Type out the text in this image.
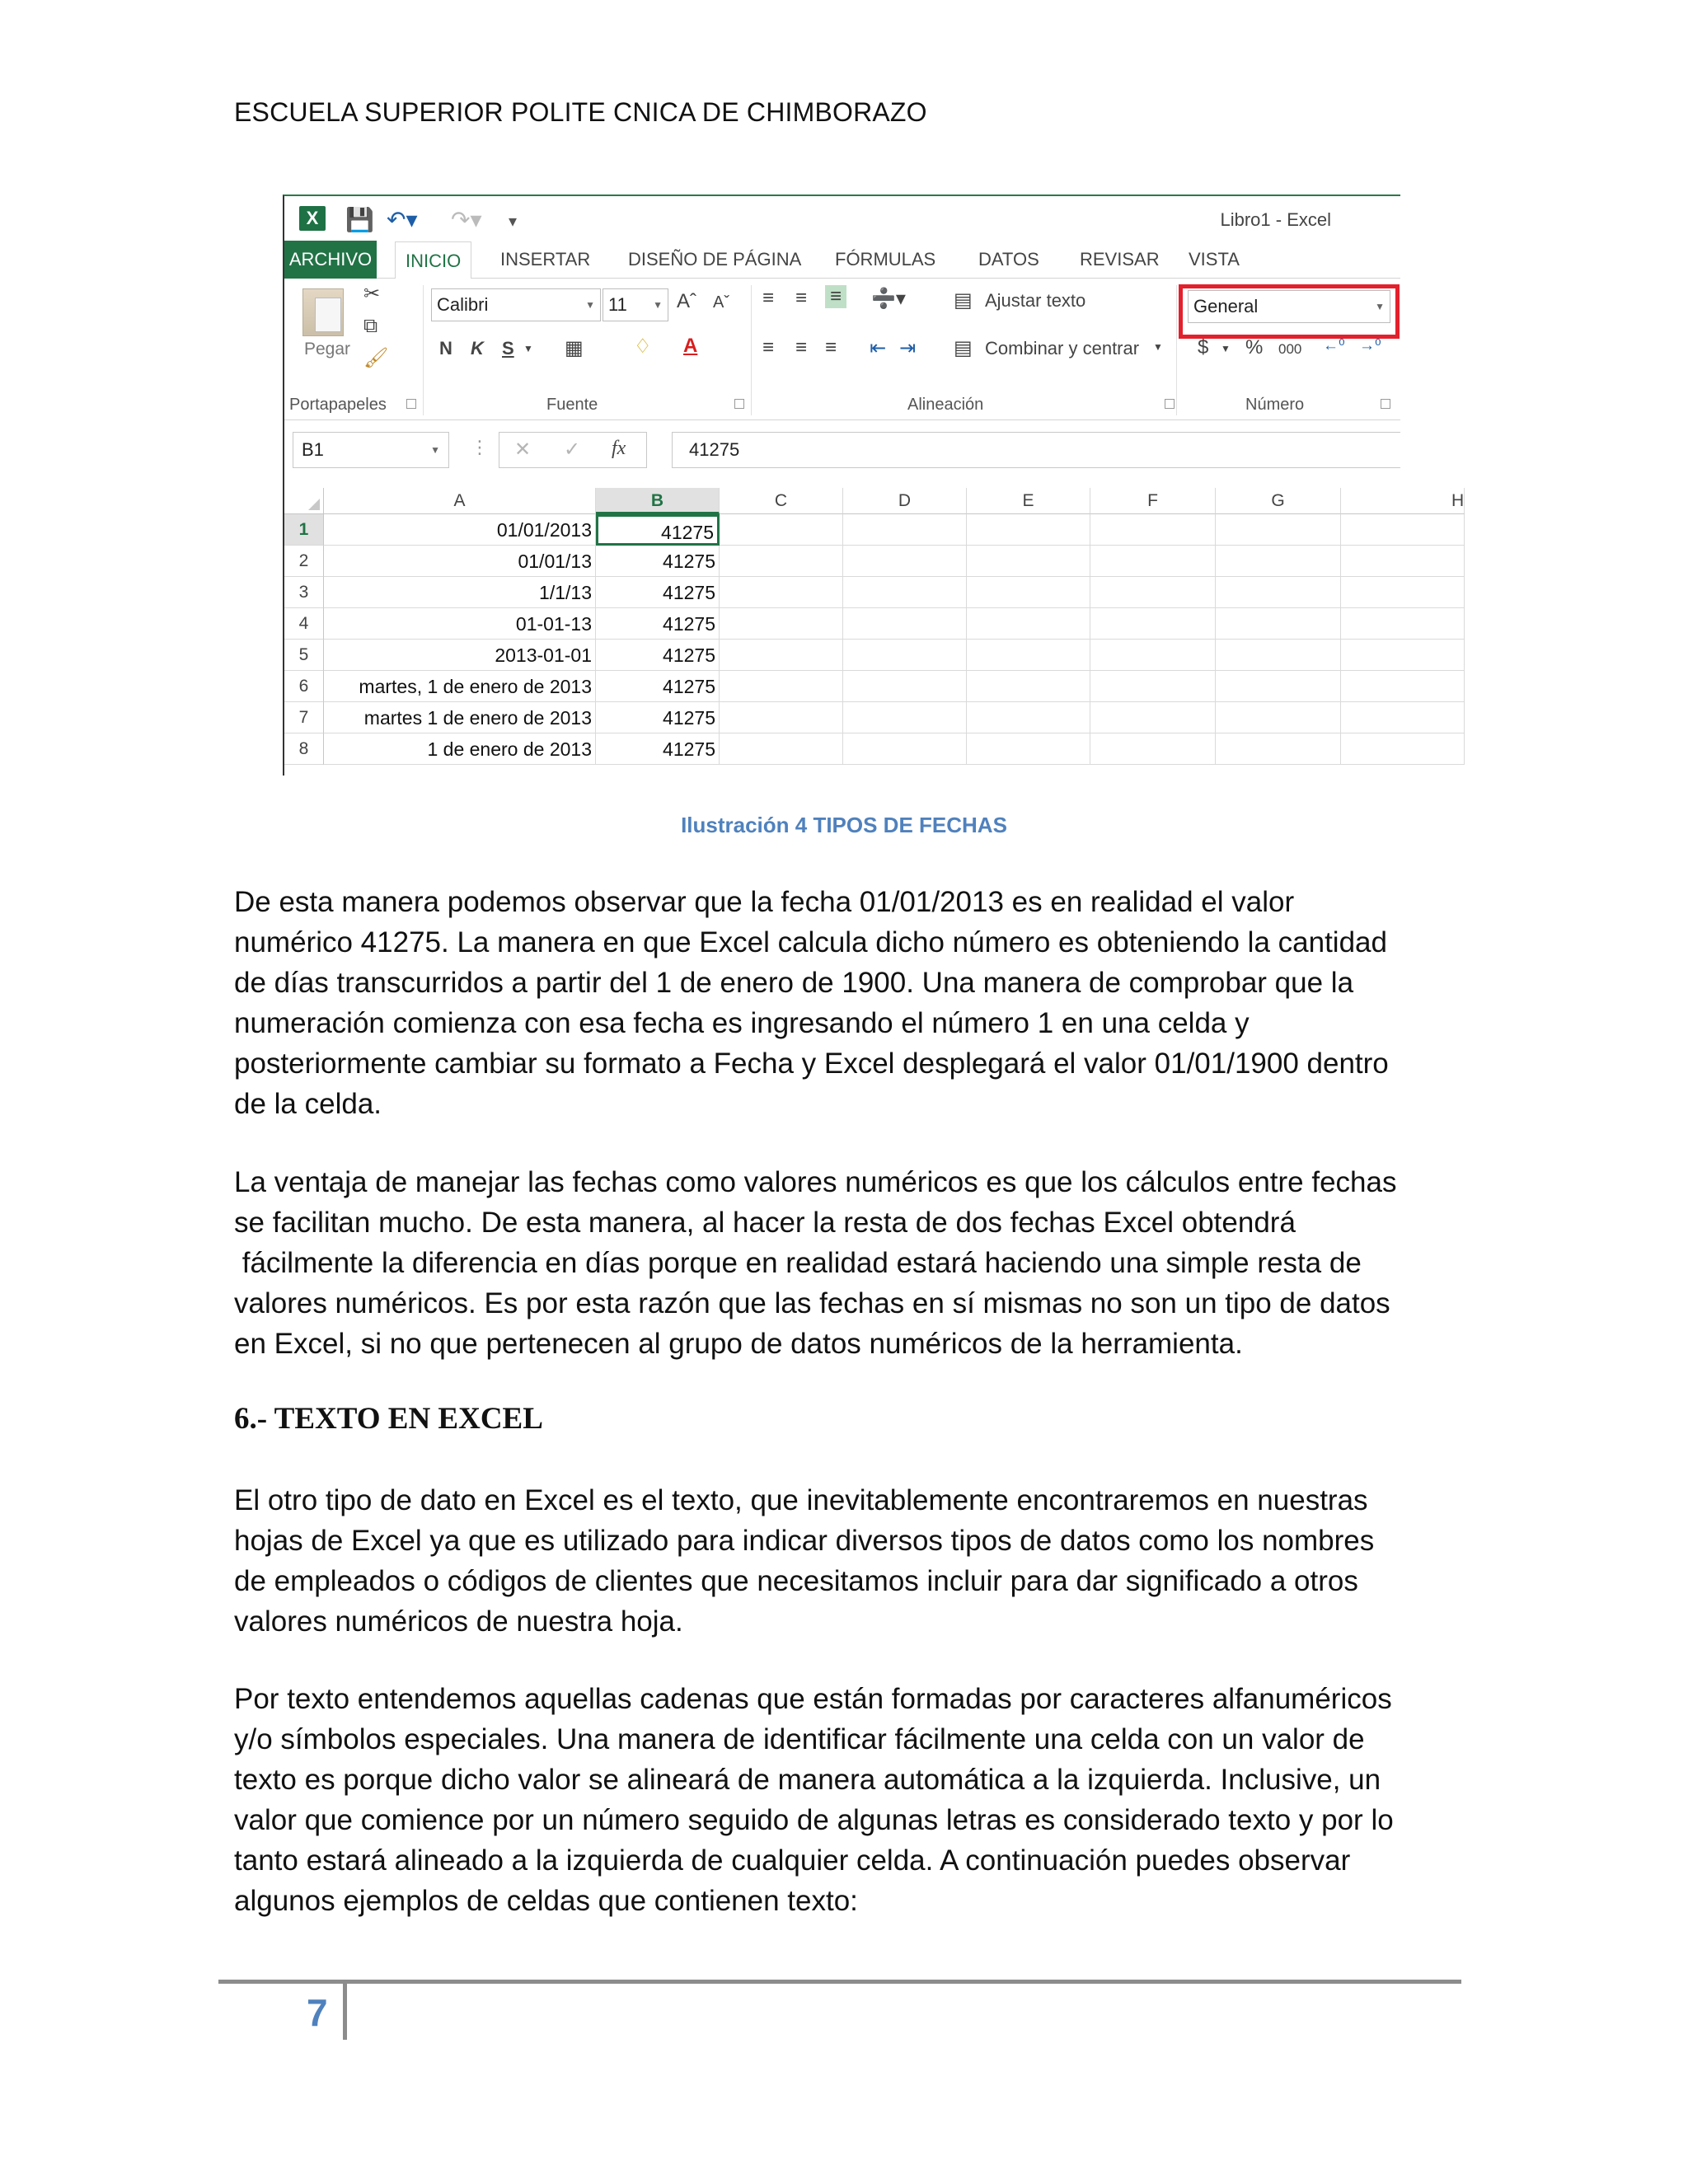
ESCUELA SUPERIOR POLITE CNICA DE CHIMBORAZO
X	💾 ↶▾ ↷▾ ▾	Libro1 - Excel
ARCHIVO	INICIO	INSERTAR	DISEÑO DE PÁGINA	FÓRMULAS	DATOS	REVISAR	VISTA
Pegar
✂
⧉
🖌
Portapapeles
Calibri	▼ 11	▼ Aˆ Aˇ
N K S ▼ ▦	♢ A
Fuente
≡ ≡ ≡ ➗▾
≡ ≡ ≡ ⇤ ⇥
▤ Ajustar texto
▤ Combinar y centrar ▼
Alineación
General	▼
$ ▼ % 000 ←⁰ →⁰
Número
B1	▼ ⋮ ✕ ✓ fx	41275
A	B	C	D	E	F	G	H
1	01/01/2013	41275
2	01/01/13	41275
3	1/1/13	41275
4	01-01-13	41275
5	2013-01-01	41275
6	martes, 1 de enero de 2013	41275
7	martes 1 de enero de 2013	41275
8	1 de enero de 2013	41275
Ilustración 4 TIPOS DE FECHAS
De esta manera podemos observar que la fecha 01/01/2013 es en realidad el valor
numérico 41275. La manera en que Excel calcula dicho número es obteniendo la cantidad
de días transcurridos a partir del 1 de enero de 1900. Una manera de comprobar que la
numeración comienza con esa fecha es ingresando el número 1 en una celda y
posteriormente cambiar su formato a Fecha y Excel desplegará el valor 01/01/1900 dentro
de la celda.
La ventaja de manejar las fechas como valores numéricos es que los cálculos entre fechas
se facilitan mucho. De esta manera, al hacer la resta de dos fechas Excel obtendrá
fácilmente la diferencia en días porque en realidad estará haciendo una simple resta de
valores numéricos. Es por esta razón que las fechas en sí mismas no son un tipo de datos
en Excel, si no que pertenecen al grupo de datos numéricos de la herramienta.
6.- TEXTO EN EXCEL
El otro tipo de dato en Excel es el texto, que inevitablemente encontraremos en nuestras
hojas de Excel ya que es utilizado para indicar diversos tipos de datos como los nombres
de empleados o códigos de clientes que necesitamos incluir para dar significado a otros
valores numéricos de nuestra hoja.
Por texto entendemos aquellas cadenas que están formadas por caracteres alfanuméricos
y/o símbolos especiales. Una manera de identificar fácilmente una celda con un valor de
texto es porque dicho valor se alineará de manera automática a la izquierda. Inclusive, un
valor que comience por un número seguido de algunas letras es considerado texto y por lo
tanto estará alineado a la izquierda de cualquier celda. A continuación puedes observar
algunos ejemplos de celdas que contienen texto:
7
